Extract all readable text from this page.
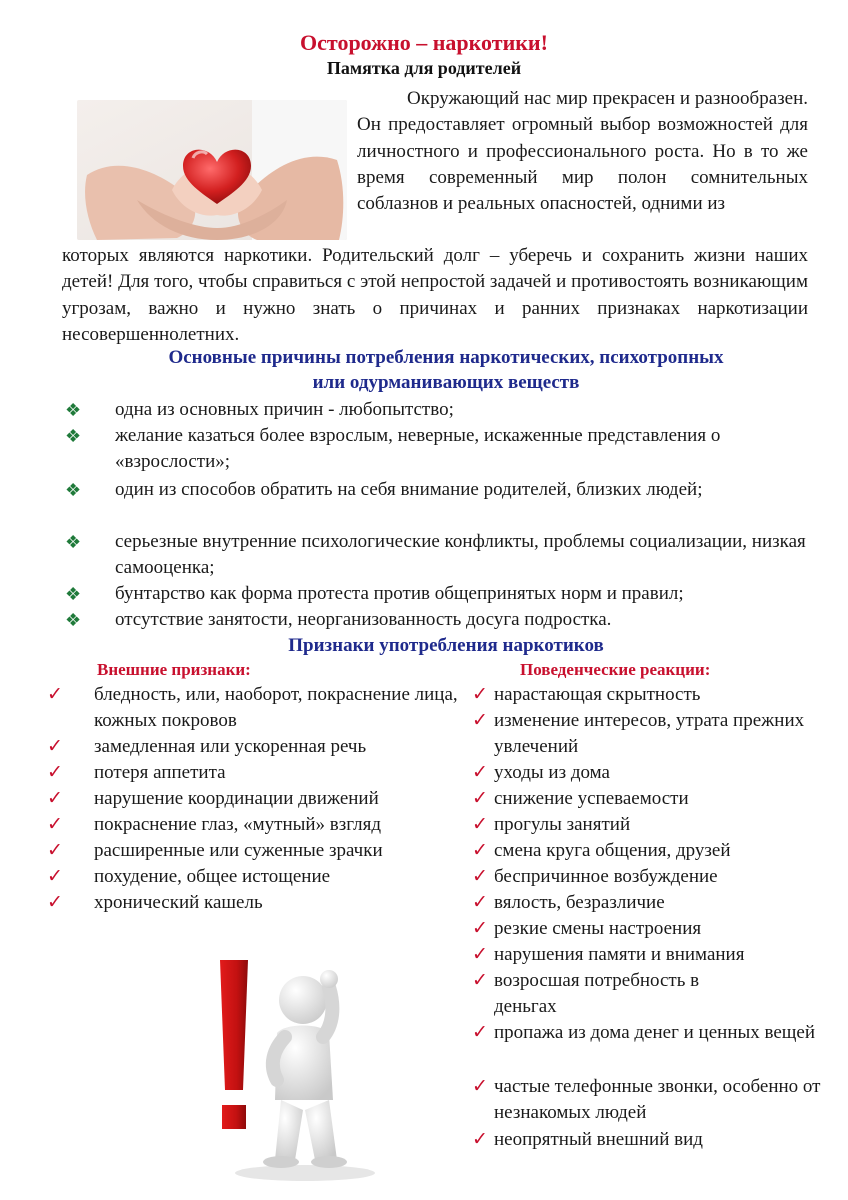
Осторожно – наркотики!
Памятка для родителей
Окружающий нас мир прекрасен и разнообразен. Он предоставляет огромный выбор возможностей для личностного и профессионального роста. Но в то же время современный мир полон сомнительных соблазнов и реальных опасностей, одними из
которых являются наркотики. Родительский долг – уберечь и сохранить жизни наших детей! Для того, чтобы справиться с этой непростой задачей и противостоять возникающим угрозам, важно и нужно знать о причинах и ранних признаках наркотизации несовершеннолетних.
Основные причины потребления наркотических, психотропных
или одурманивающих веществ
❖	одна из основных причин - любопытство;
❖	желание казаться более взрослым, неверные, искаженные представления о «взрослости»;
❖	один из способов обратить на себя внимание родителей, близких людей;
❖	серьезные внутренние психологические конфликты, проблемы социализации, низкая самооценка;
❖	бунтарство как форма протеста против общепринятых норм и правил;
❖	отсутствие занятости, неорганизованность досуга подростка.
Признаки употребления наркотиков
Внешние признаки:	Поведенческие реакции:
✓ бледность, или, наоборот, покраснение лица, кожных покровов
✓ замедленная или ускоренная речь
✓ потеря аппетита
✓ нарушение координации движений
✓ покраснение глаз, «мутный» взгляд
✓ расширенные или суженные зрачки
✓ похудение, общее истощение
✓ хронический кашель
✓ нарастающая скрытность
✓ изменение интересов, утрата прежних увлечений
✓ уходы из дома
✓ снижение успеваемости
✓ прогулы занятий
✓ смена круга общения, друзей
✓ беспричинное возбуждение
✓ вялость, безразличие
✓ резкие смены настроения
✓ нарушения памяти и внимания
✓ возросшая потребность в деньгах
✓ пропажа из дома денег и ценных вещей
✓ частые телефонные звонки, особенно от незнакомых людей
✓ неопрятный внешний вид
